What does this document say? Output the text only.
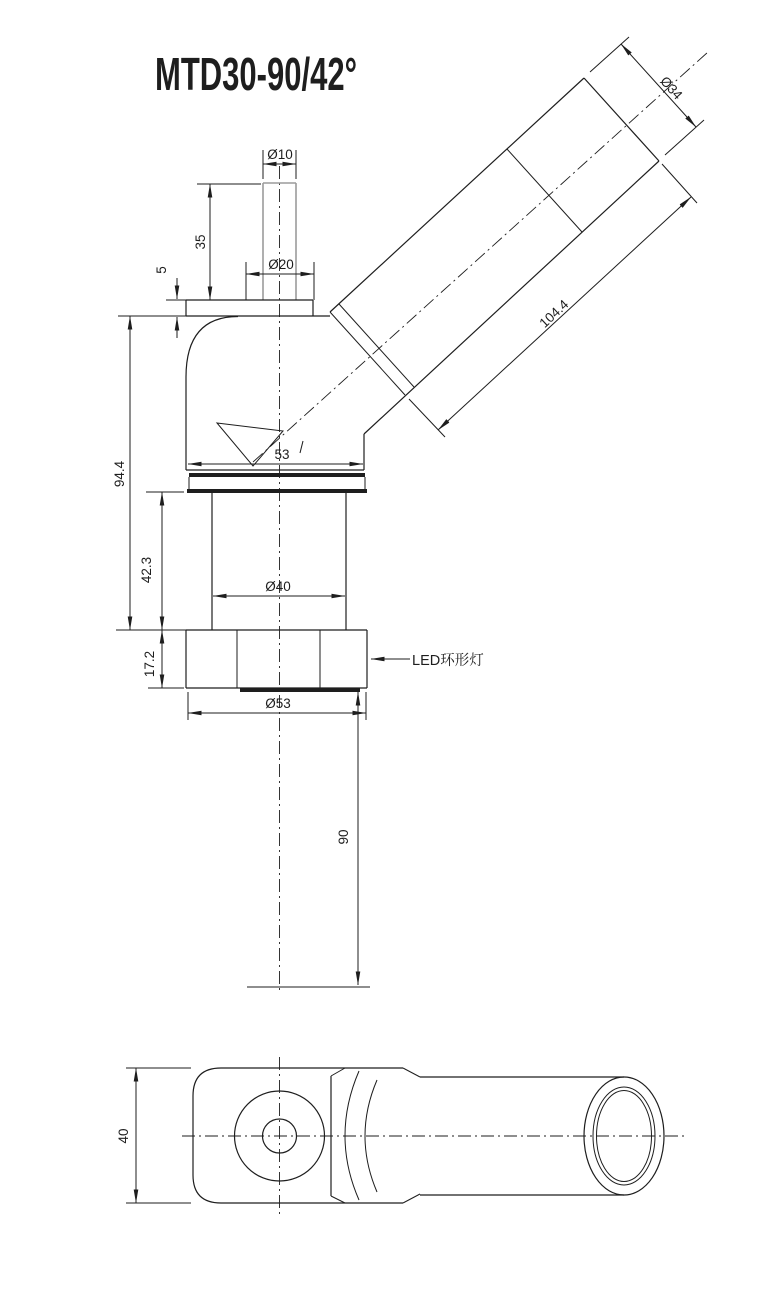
MTD30-90/42°
Ø10
35
Ø20
5
Ø34
104.4
94.4
53
42.3
Ø40
17.2	LED环形灯
Ø53
90
40
